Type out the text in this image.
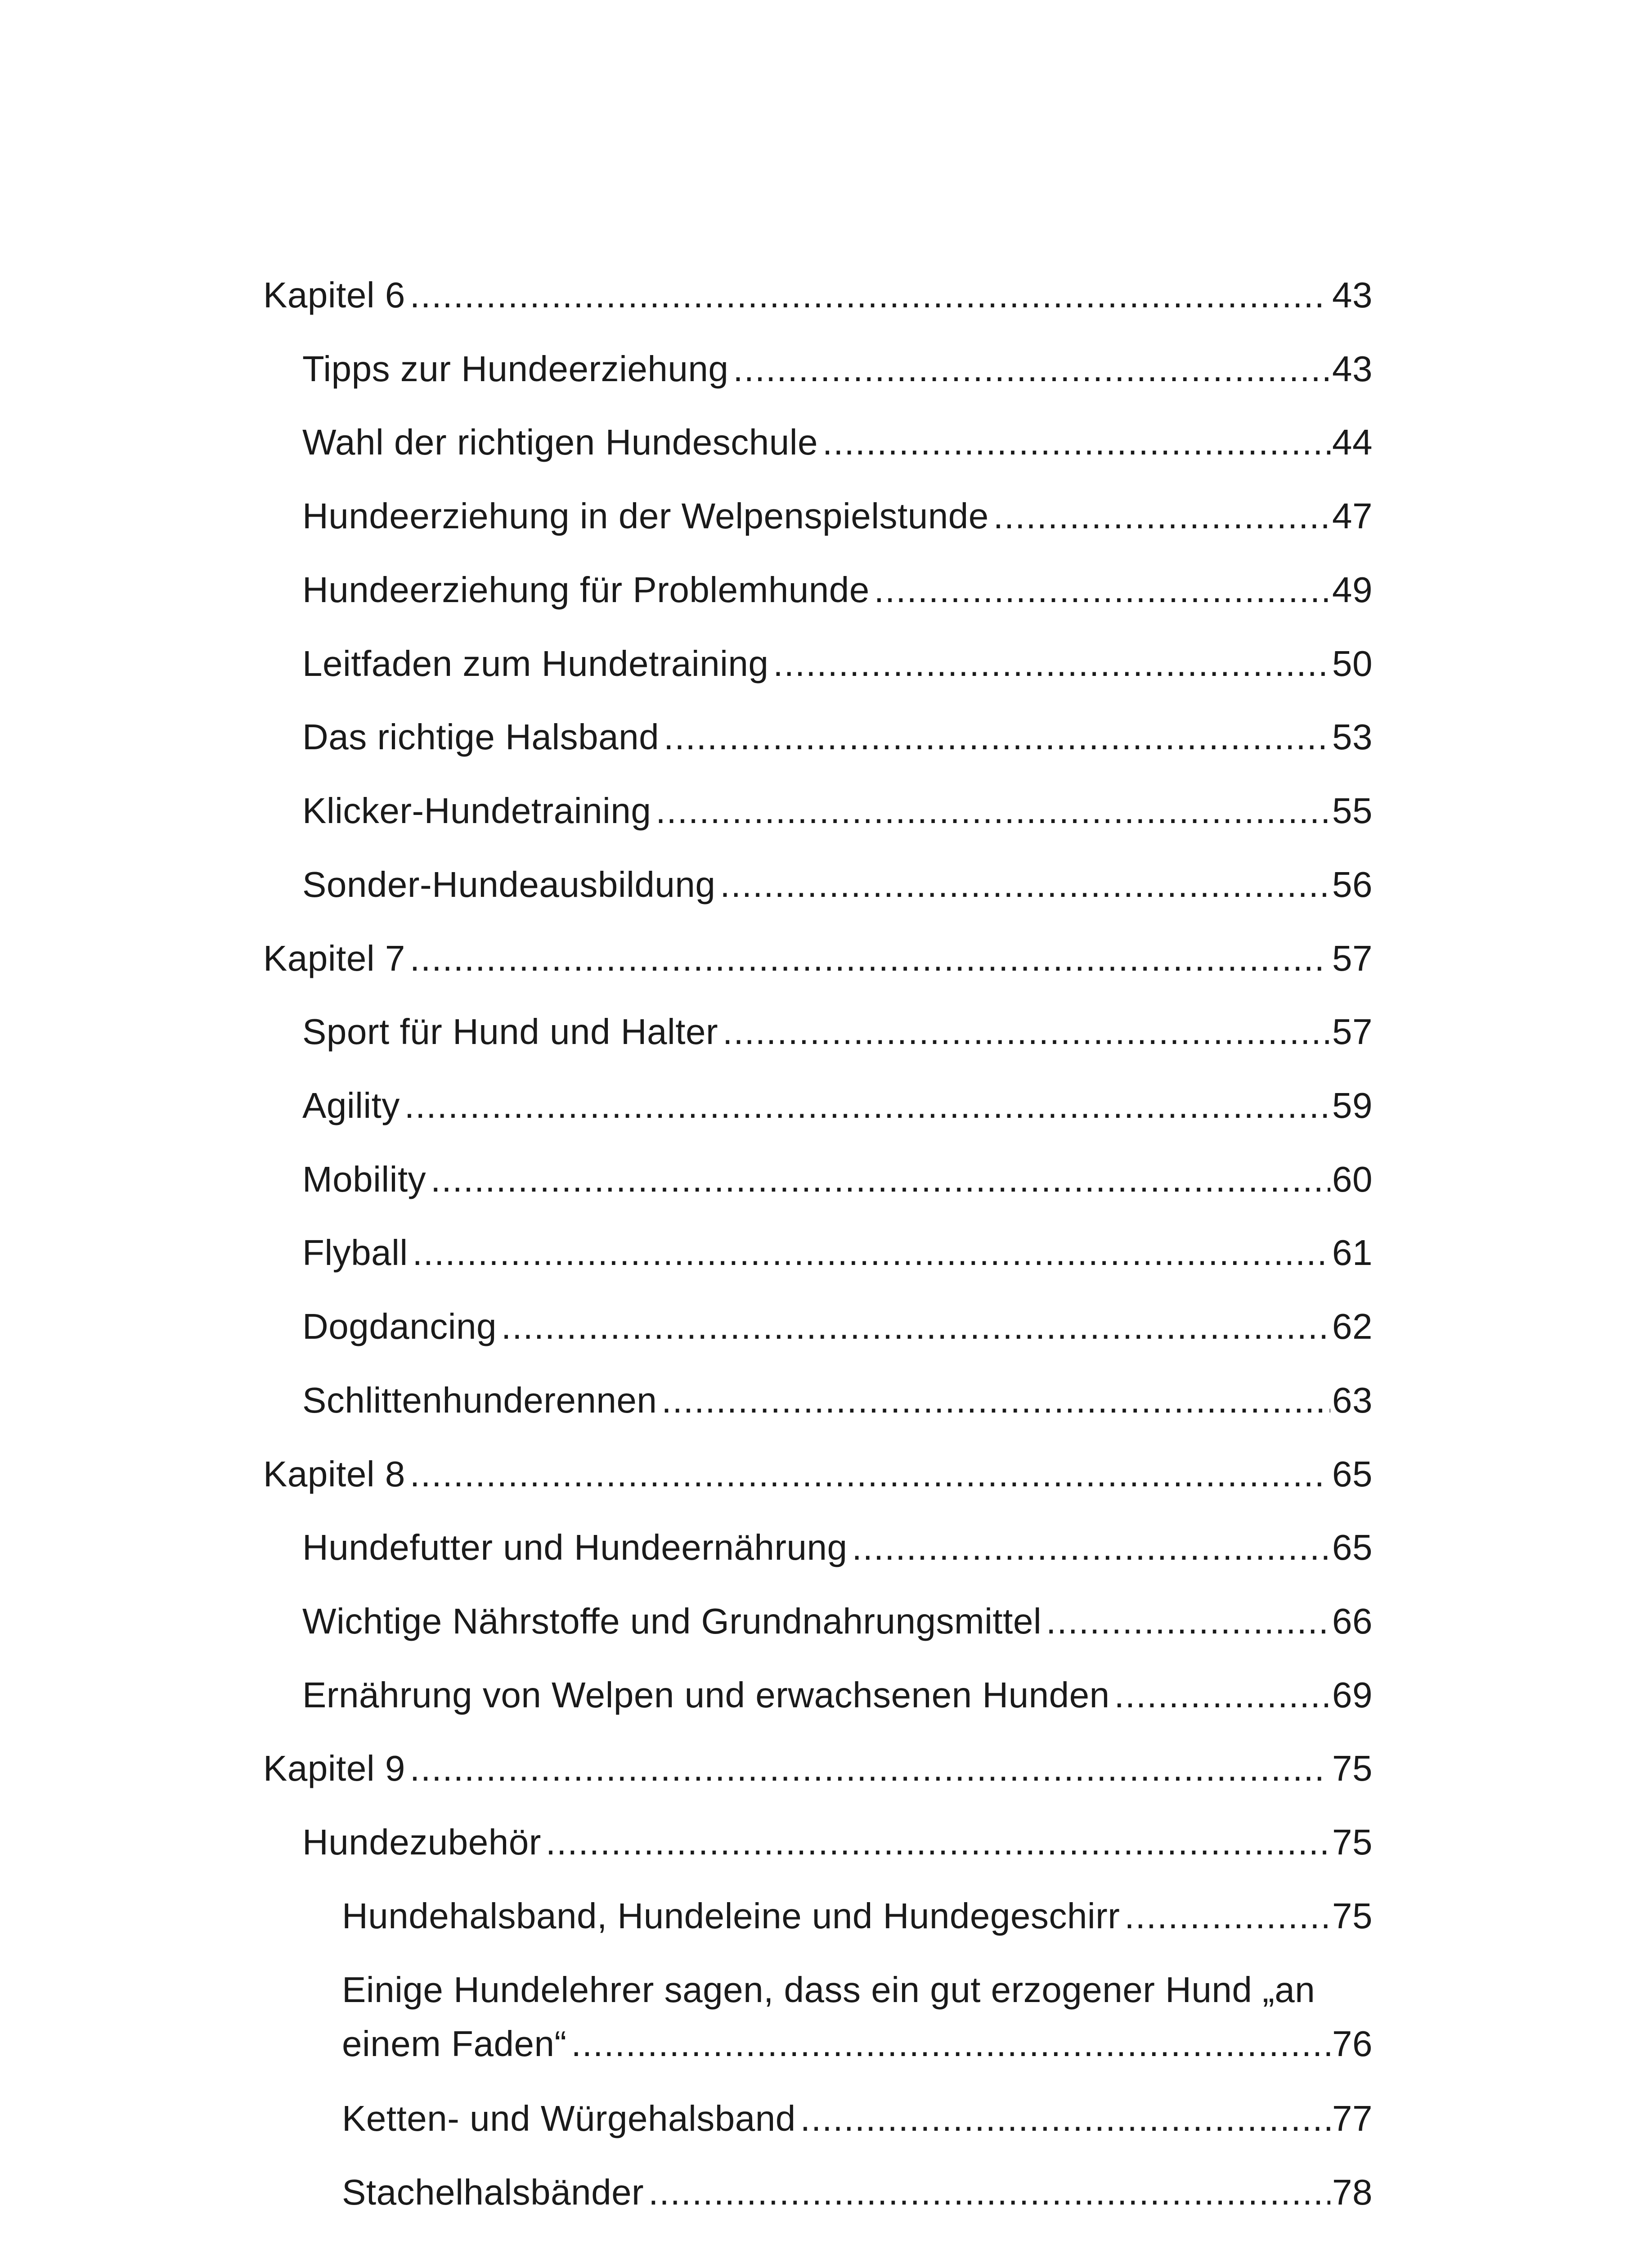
Kapitel 6 .....	43
Tipps zur Hundeerziehung .....	43
Wahl der richtigen Hundeschule .....	44
Hundeerziehung in der Welpenspielstunde .....	47
Hundeerziehung für Problemhunde .....	49
Leitfaden zum Hundetraining .....	50
Das richtige Halsband .....	53
Klicker-Hundetraining .....	55
Sonder-Hundeausbildung .....	56
Kapitel 7 .....	57
Sport für Hund und Halter .....	57
Agility .....	59
Mobility .....	60
Flyball .....	61
Dogdancing .....	62
Schlittenhunderennen .....	63
Kapitel 8 .....	65
Hundefutter und Hundeernährung .....	65
Wichtige Nährstoffe und Grundnahrungsmittel .....	66
Ernährung von Welpen und erwachsenen Hunden .....	69
Kapitel 9 .....	75
Hundezubehör .....	75
Hundehalsband, Hundeleine und Hundegeschirr .....	75
Einige Hundelehrer sagen, dass ein gut erzogener Hund „an
einem Faden“ .....	76
Ketten- und Würgehalsband .....	77
Stachelhalsbänder .....	78
